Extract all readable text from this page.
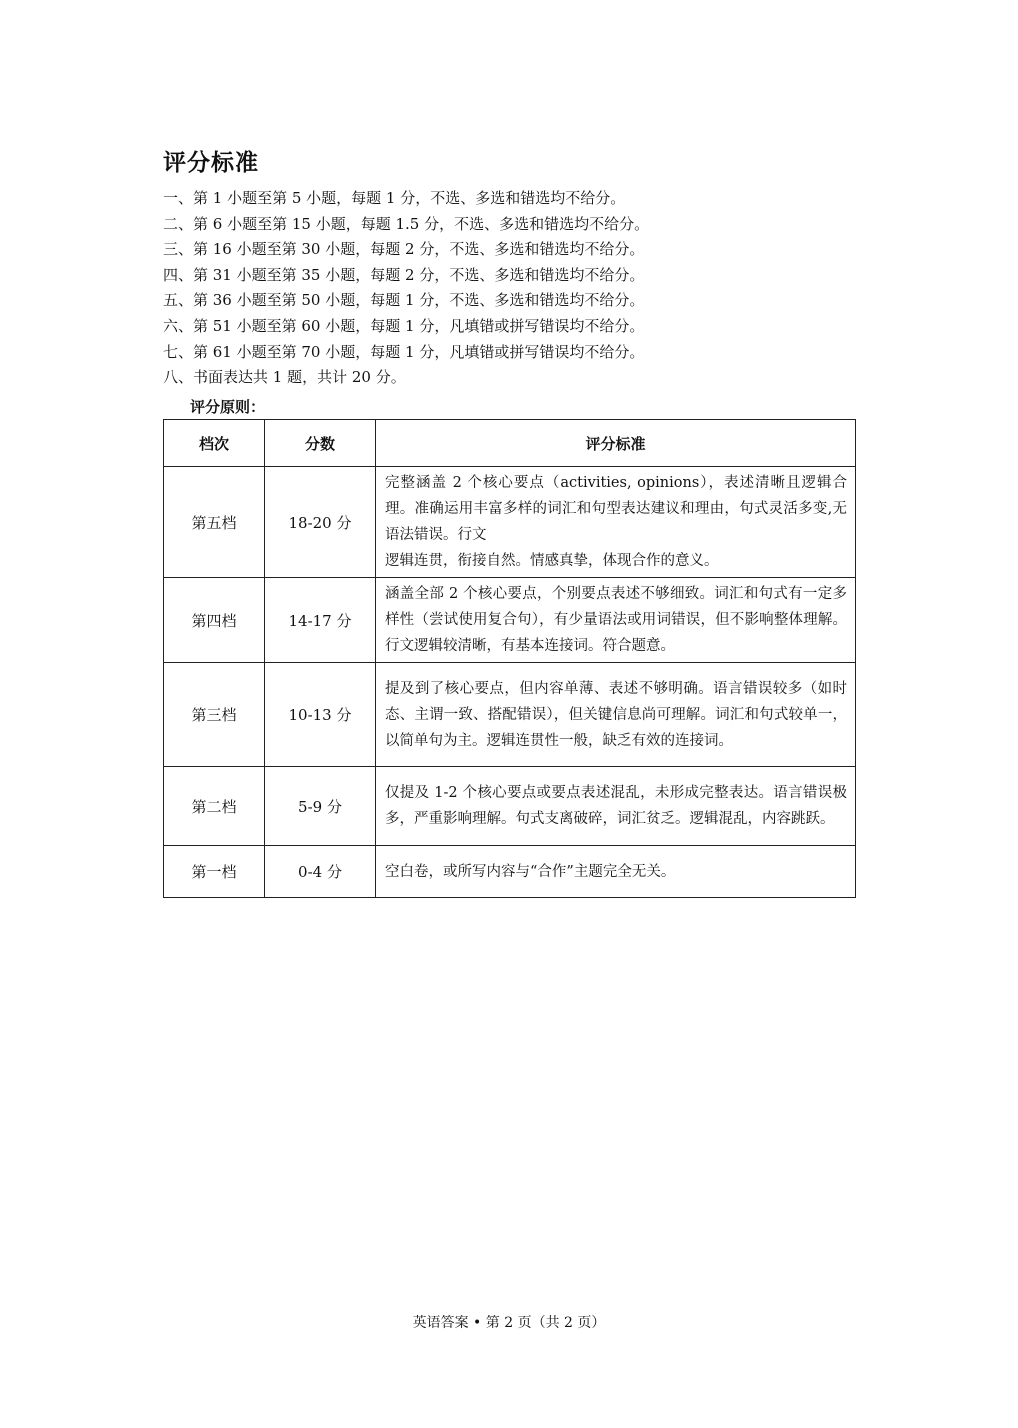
评分标准
一、第 1 小题至第 5 小题，每题 1 分，不选、多选和错选均不给分。
二、第 6 小题至第 15 小题，每题 1.5 分，不选、多选和错选均不给分。
三、第 16 小题至第 30 小题，每题 2 分，不选、多选和错选均不给分。
四、第 31 小题至第 35 小题，每题 2 分，不选、多选和错选均不给分。
五、第 36 小题至第 50 小题，每题 1 分，不选、多选和错选均不给分。
六、第 51 小题至第 60 小题，每题 1 分，凡填错或拼写错误均不给分。
七、第 61 小题至第 70 小题，每题 1 分，凡填错或拼写错误均不给分。
八、书面表达共 1 题，共计 20 分。
评分原则：
档次	分数	评分标准
第五档	18-20 分	完整涵盖 2 个核心要点（activities, opinions），表述清晰且逻辑合理。准确运用丰富多样的词汇和句型表达建议和理由，句式灵活多变,无语法错误。行文
逻辑连贯，衔接自然。情感真挚，体现合作的意义。
第四档	14-17 分	涵盖全部 2 个核心要点，个别要点表述不够细致。词汇和句式有一定多样性（尝试使用复合句），有少量语法或用词错误，但不影响整体理解。 行文逻辑较清晰，有基本连接词。符合题意。
第三档	10-13 分	提及到了核心要点，但内容单薄、表述不够明确。语言错误较多（如时态、主谓一致、搭配错误），但关键信息尚可理解。词汇和句式较单一，以简单句为主。逻辑连贯性一般，缺乏有效的连接词。
第二档	5-9 分	仅提及 1-2 个核心要点或要点表述混乱，未形成完整表达。语言错误极多，严重影响理解。句式支离破碎，词汇贫乏。逻辑混乱，内容跳跃。
第一档	0-4 分	空白卷，或所写内容与“合作”主题完全无关。
英语答案 • 第 2 页（共 2 页）
